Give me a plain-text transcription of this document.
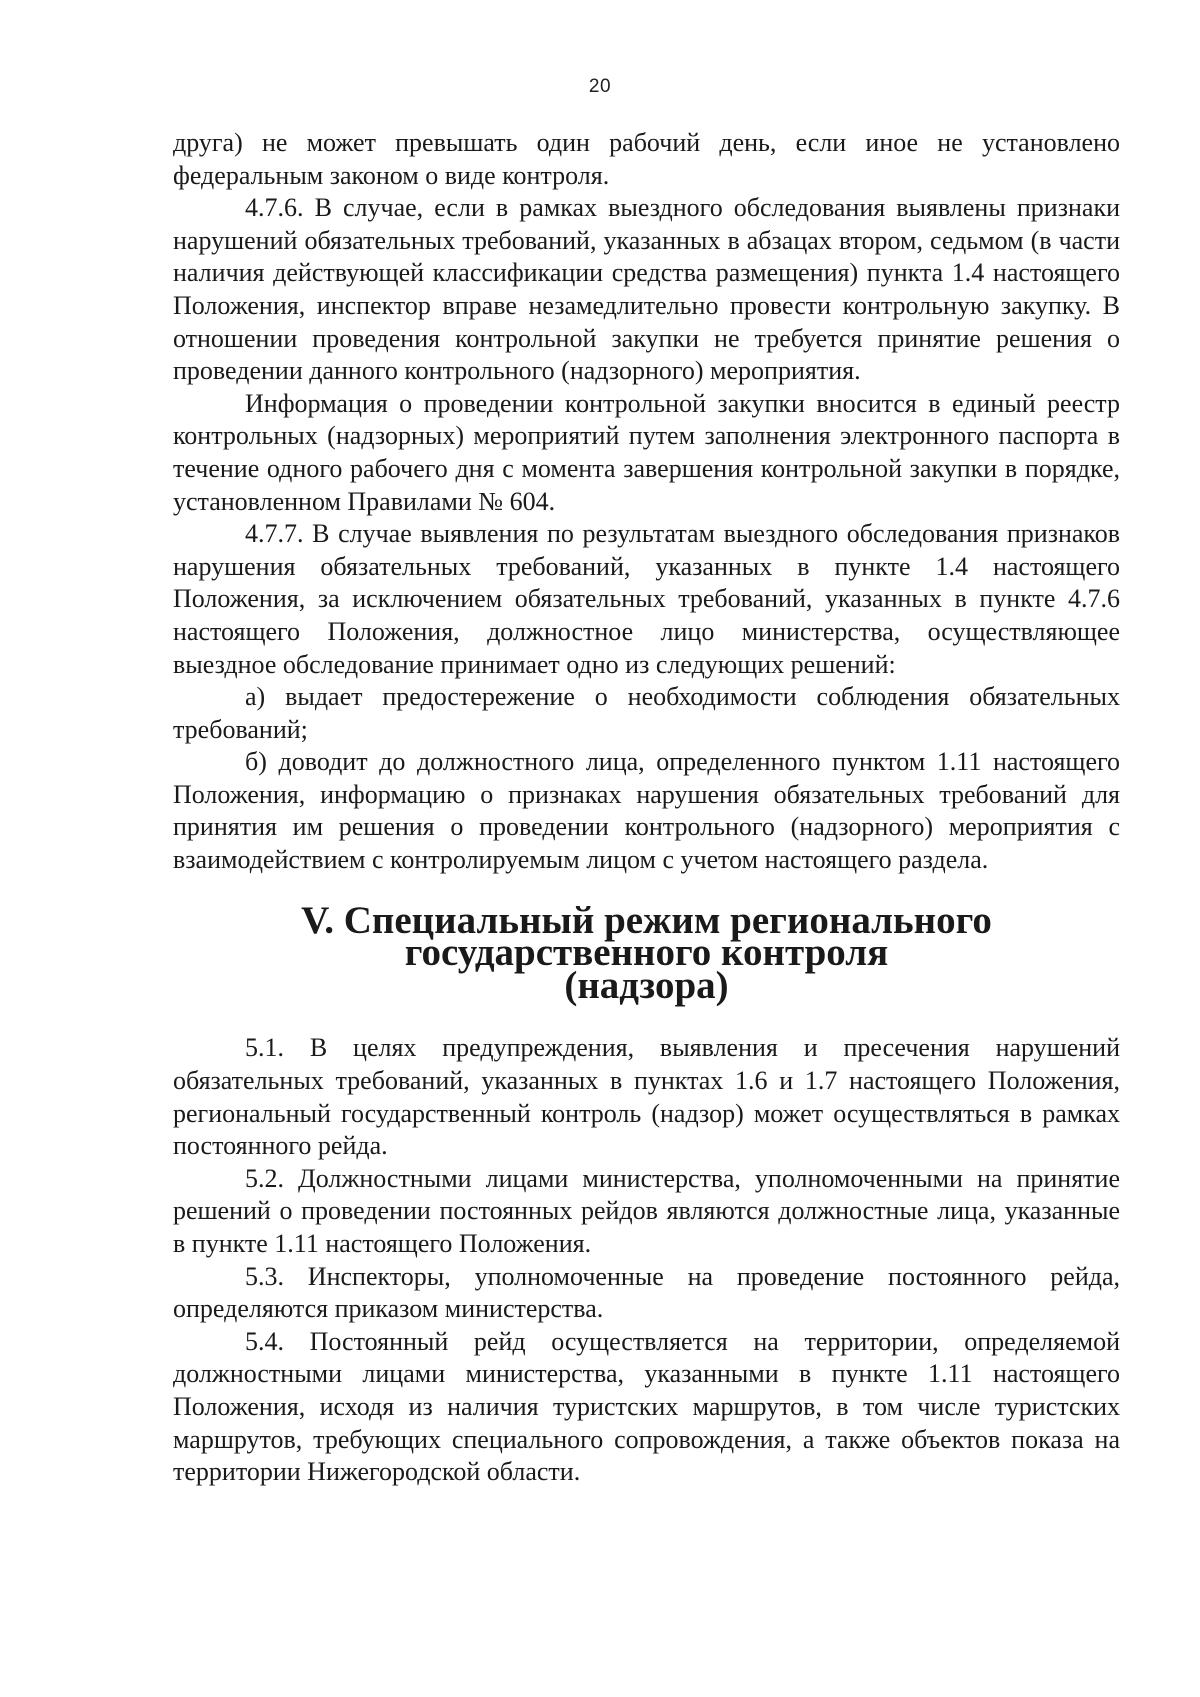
20

друга) не может превышать один рабочий день, если иное не установлено федеральным законом о виде контроля.

4.7.6. В случае, если в рамках выездного обследования выявлены признаки нарушений обязательных требований, указанных в абзацах втором, седьмом (в части наличия действующей классификации средства размещения) пункта 1.4 настоящего Положения, инспектор вправе незамедлительно провести контрольную закупку. В отношении проведения контрольной закупки не требуется принятие решения о проведении данного контрольного (надзорного) мероприятия.

Информация о проведении контрольной закупки вносится в единый реестр контрольных (надзорных) мероприятий путем заполнения электронного паспорта в течение одного рабочего дня с момента завершения контрольной закупки в порядке, установленном Правилами № 604.

4.7.7. В случае выявления по результатам выездного обследования признаков нарушения обязательных требований, указанных в пункте 1.4 настоящего Положения, за исключением обязательных требований, указанных в пункте 4.7.6 настоящего Положения, должностное лицо министерства, осуществляющее выездное обследование принимает одно из следующих решений:

а) выдает предостережение о необходимости соблюдения обязательных требований;

б) доводит до должностного лица, определенного пунктом 1.11 настоящего Положения, информацию о признаках нарушения обязательных требований для принятия им решения о проведении контрольного (надзорного) мероприятия с взаимодействием с контролируемым лицом с учетом настоящего раздела.

V. Специальный режим регионального государственного контроля
(надзора)

5.1. В целях предупреждения, выявления и пресечения нарушений обязательных требований, указанных в пунктах 1.6 и 1.7 настоящего Положения, региональный государственный контроль (надзор) может осуществляться в рамках постоянного рейда.

5.2. Должностными лицами министерства, уполномоченными на принятие решений о проведении постоянных рейдов являются должностные лица, указанные в пункте 1.11 настоящего Положения.

5.3. Инспекторы, уполномоченные на проведение постоянного рейда, определяются приказом министерства.

5.4. Постоянный рейд осуществляется на территории, определяемой должностными лицами министерства, указанными в пункте 1.11 настоящего Положения, исходя из наличия туристских маршрутов, в том числе туристских маршрутов, требующих специального сопровождения, а также объектов показа на территории Нижегородской области.
